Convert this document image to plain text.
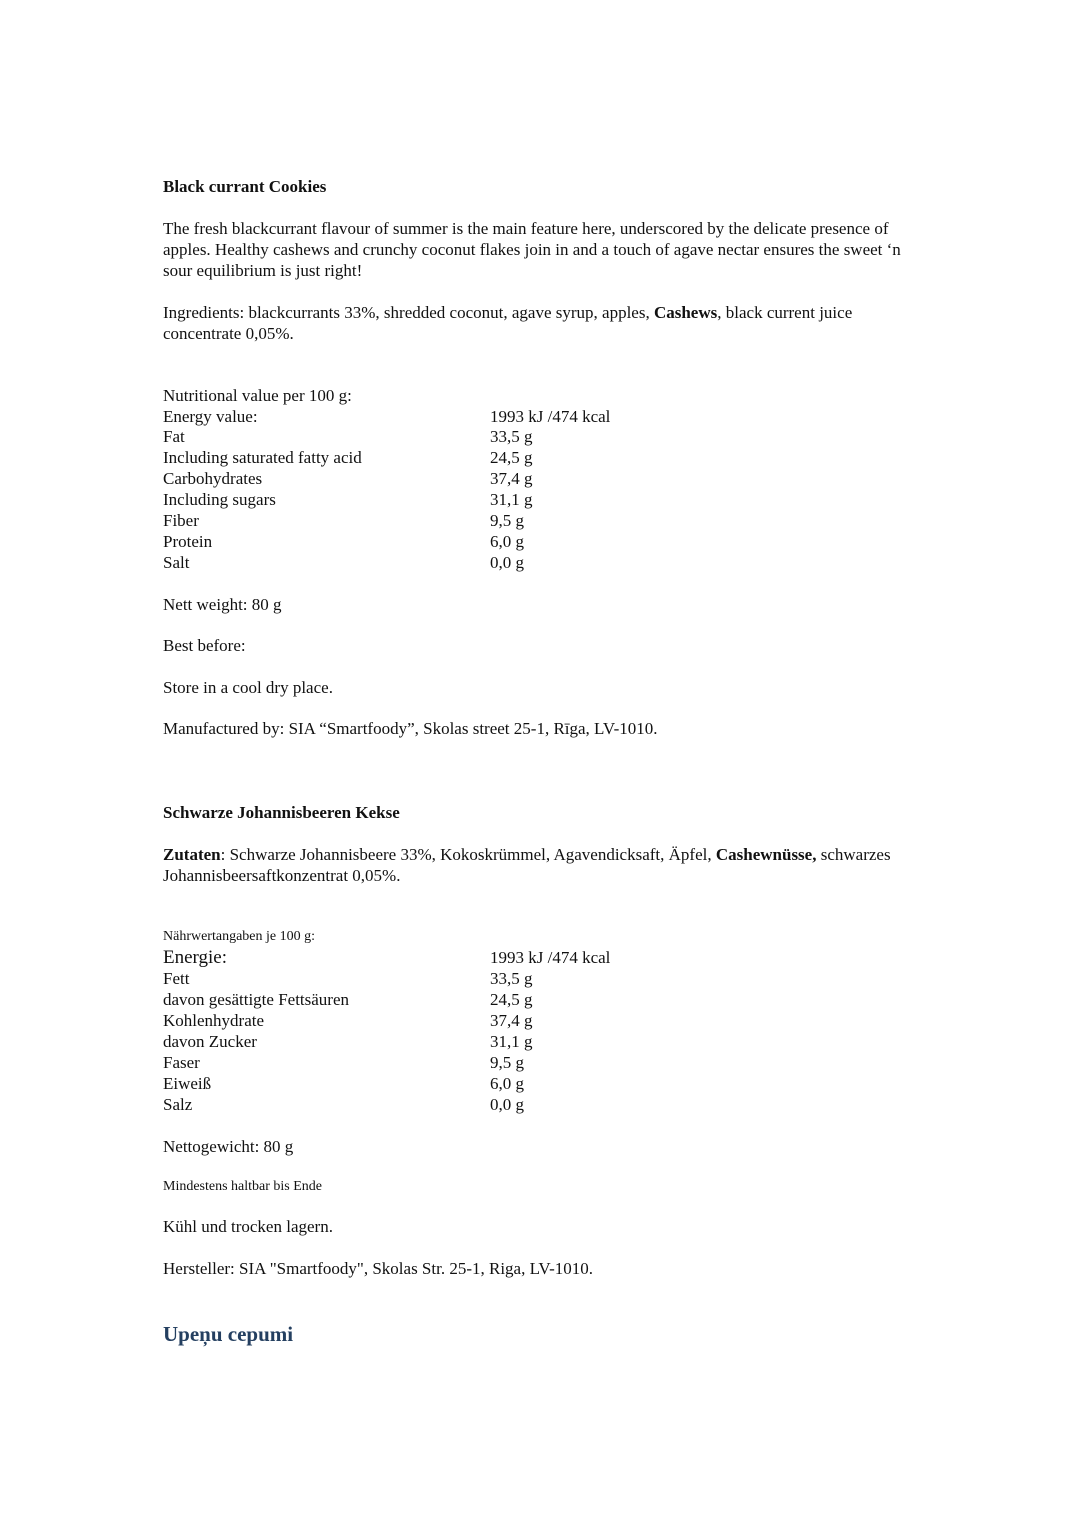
Black currant Cookies
The fresh blackcurrant flavour of summer is the main feature here, underscored by the delicate presence of apples. Healthy cashews and crunchy coconut flakes join in and a touch of agave nectar ensures the sweet ‘n sour equilibrium is just right!
Ingredients: blackcurrants 33%, shredded coconut, agave syrup, apples, Cashews, black current juice concentrate 0,05%.
Nutritional value per 100 g:
Energy value:	1993 kJ /474 kcal
Fat	33,5 g
Including saturated fatty acid	24,5 g
Carbohydrates	37,4 g
Including sugars	31,1 g
Fiber	9,5 g
Protein	6,0 g
Salt	0,0 g
Nett weight: 80 g
Best before:
Store in a cool dry place.
Manufactured by: SIA “Smartfoody”, Skolas street 25-1, Rīga, LV-1010.
Schwarze Johannisbeeren Kekse
Zutaten: Schwarze Johannisbeere 33%, Kokoskrümmel, Agavendicksaft, Äpfel, Cashewnüsse, schwarzes Johannisbeersaftkonzentrat 0,05%.
Nährwertangaben je 100 g:
Energie:	1993 kJ /474 kcal
Fett	33,5 g
davon gesättigte Fettsäuren	24,5 g
Kohlenhydrate	37,4 g
davon Zucker	31,1 g
Faser	9,5 g
Eiweiß	6,0 g
Salz	0,0 g
Nettogewicht: 80 g
Mindestens haltbar bis Ende
Kühl und trocken lagern.
Hersteller: SIA "Smartfoody", Skolas Str. 25-1, Riga, LV-1010.
Upeņu cepumi
